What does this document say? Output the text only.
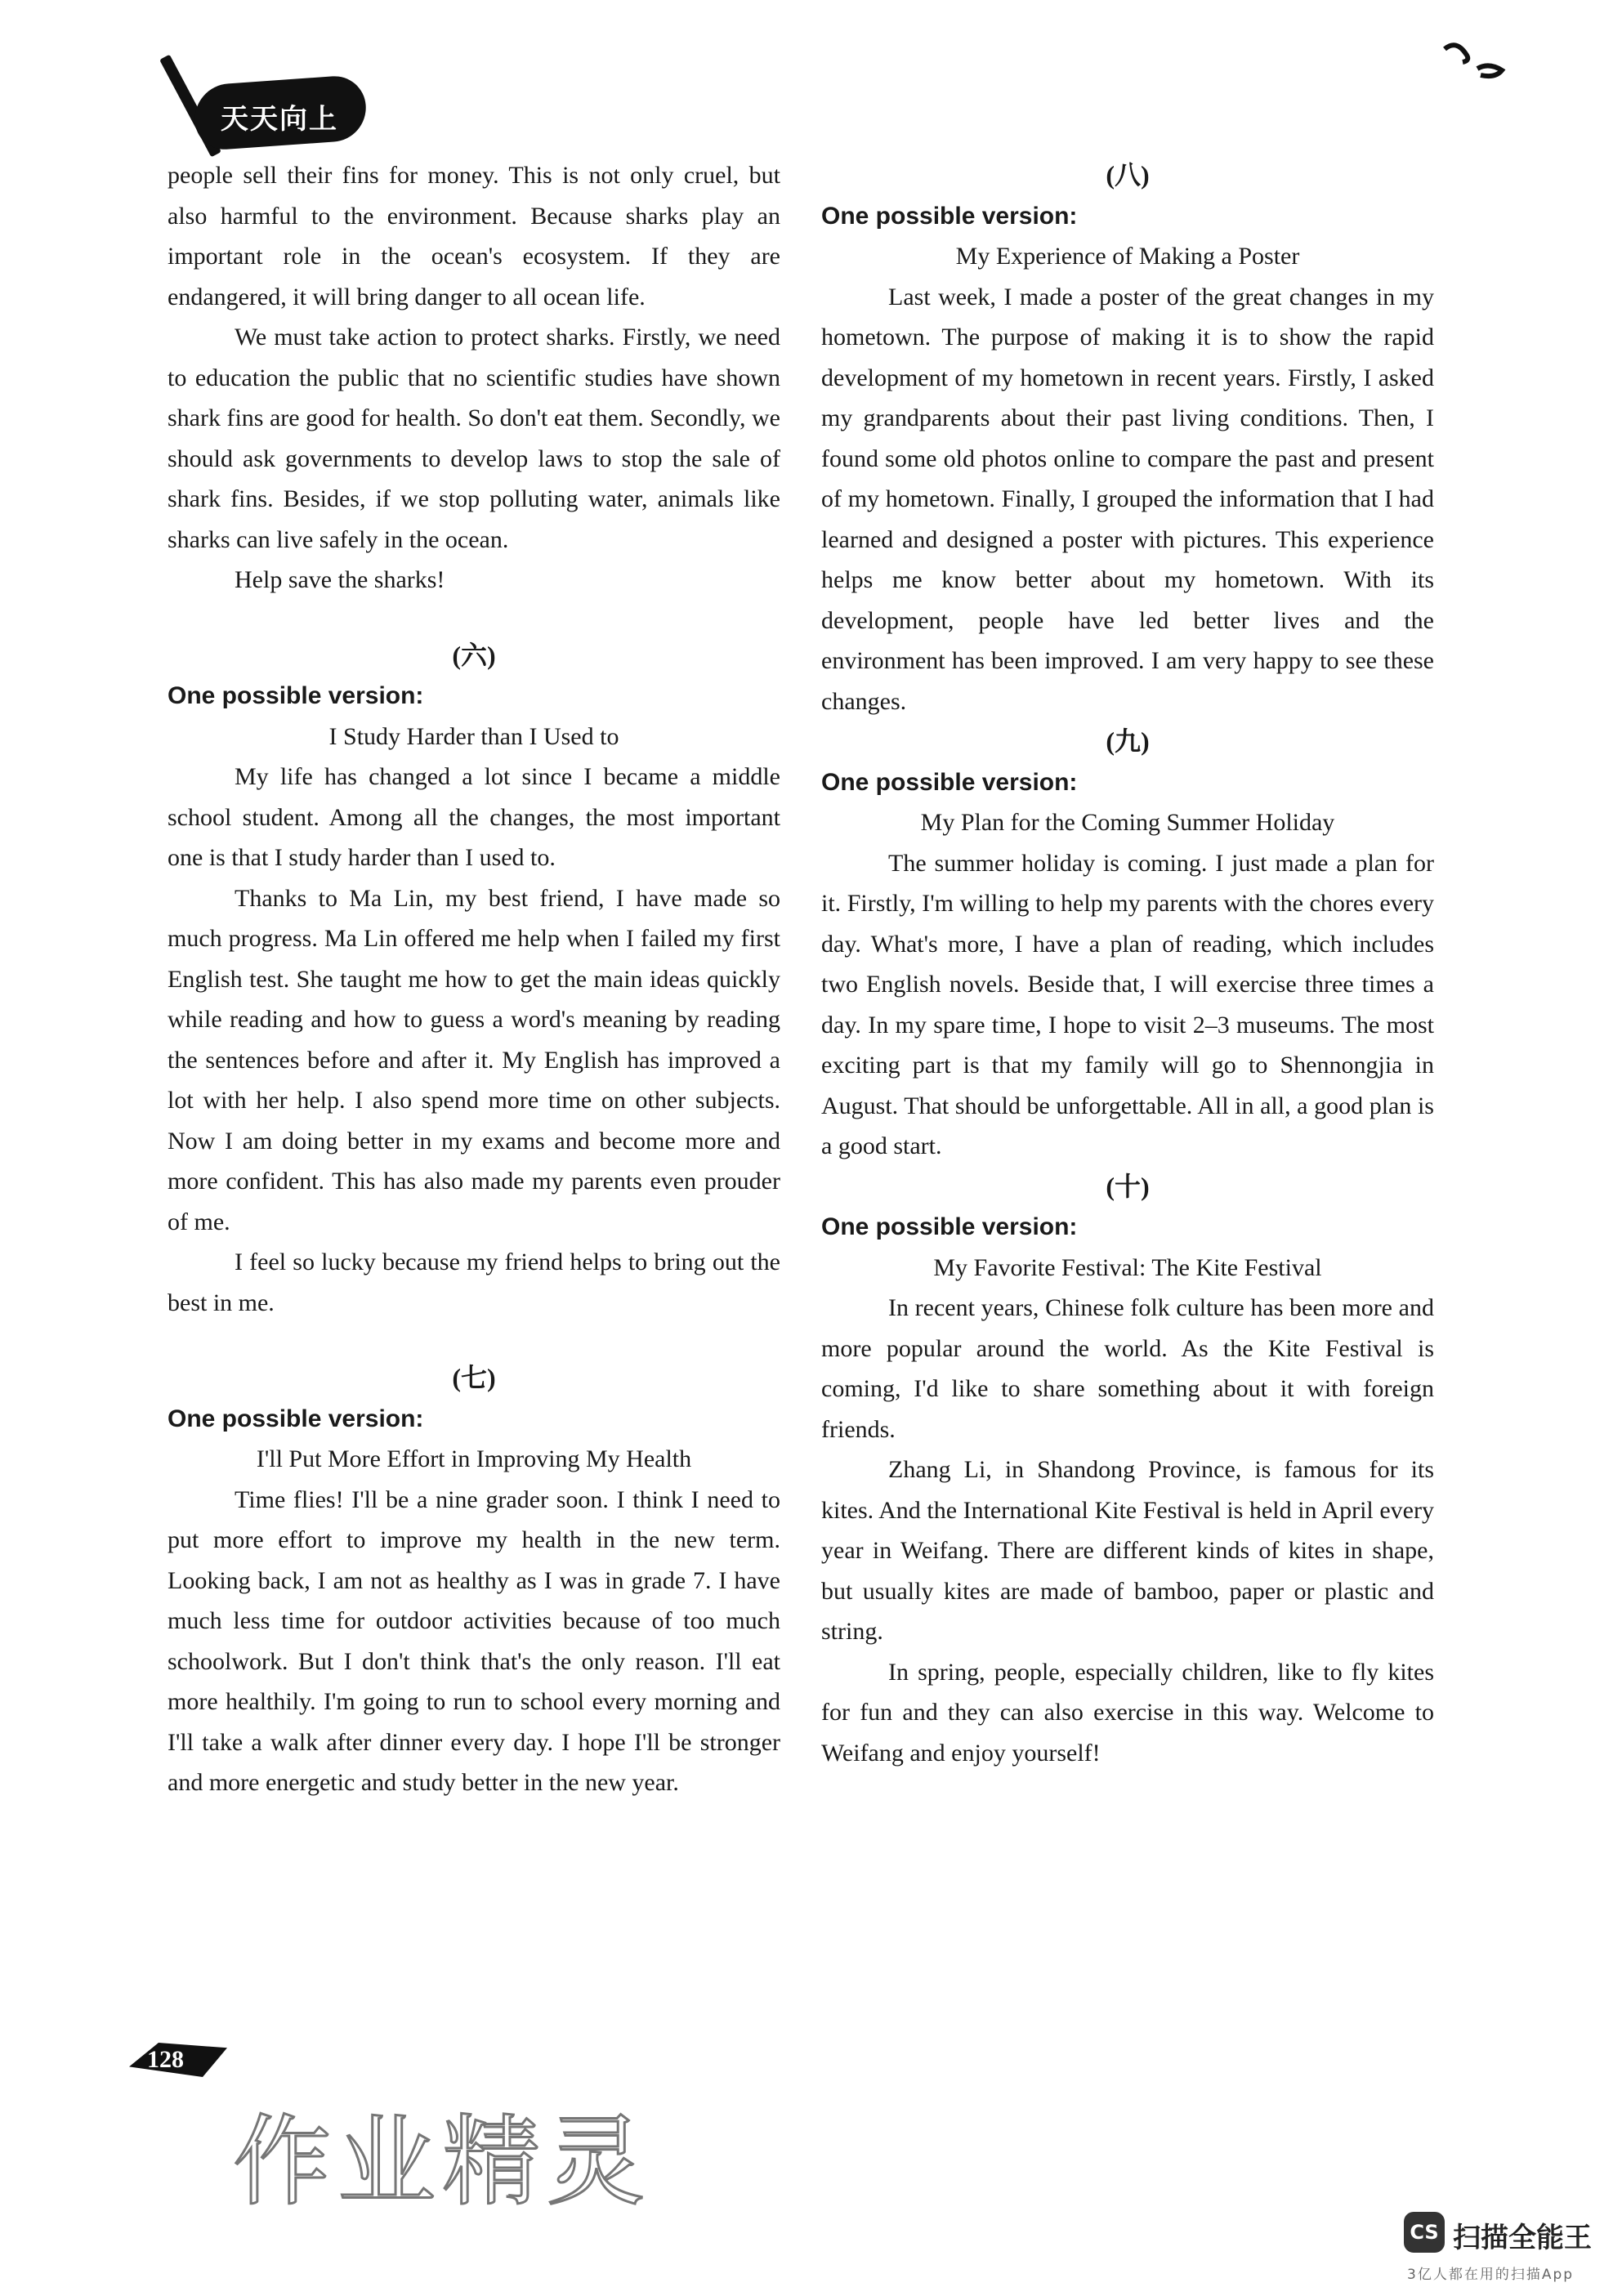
天天向上

people sell their fins for money. This is not only cruel, but also harmful to the environment. Because sharks play an important role in the ocean's ecosystem. If they are endangered, it will bring danger to all ocean life.

We must take action to protect sharks. Firstly, we need to education the public that no scientific studies have shown shark fins are good for health. So don't eat them. Secondly, we should ask governments to develop laws to stop the sale of shark fins. Besides, if we stop polluting water, animals like sharks can live safely in the ocean.

Help save the sharks!

(六)
One possible version:
I Study Harder than I Used to

My life has changed a lot since I became a middle school student. Among all the changes, the most important one is that I study harder than I used to.

Thanks to Ma Lin, my best friend, I have made so much progress. Ma Lin offered me help when I failed my first English test. She taught me how to get the main ideas quickly while reading and how to guess a word's meaning by reading the sentences before and after it. My English has improved a lot with her help. I also spend more time on other subjects. Now I am doing better in my exams and become more and more confident. This has also made my parents even prouder of me.

I feel so lucky because my friend helps to bring out the best in me.

(七)
One possible version:
I'll Put More Effort in Improving My Health

Time flies! I'll be a nine grader soon. I think I need to put more effort to improve my health in the new term. Looking back, I am not as healthy as I was in grade 7. I have much less time for outdoor activities because of too much schoolwork. But I don't think that's the only reason. I'll eat more healthily. I'm going to run to school every morning and I'll take a walk after dinner every day. I hope I'll be stronger and more energetic and study better in the new year.

(八)
One possible version:
My Experience of Making a Poster

Last week, I made a poster of the great changes in my hometown. The purpose of making it is to show the rapid development of my hometown in recent years. Firstly, I asked my grandparents about their past living conditions. Then, I found some old photos online to compare the past and present of my hometown. Finally, I grouped the information that I had learned and designed a poster with pictures. This experience helps me know better about my hometown. With its development, people have led better lives and the environment has been improved. I am very happy to see these changes.

(九)
One possible version:
My Plan for the Coming Summer Holiday

The summer holiday is coming. I just made a plan for it. Firstly, I'm willing to help my parents with the chores every day. What's more, I have a plan of reading, which includes two English novels. Beside that, I will exercise three times a day. In my spare time, I hope to visit 2–3 museums. The most exciting part is that my family will go to Shennongjia in August. That should be unforgettable. All in all, a good plan is a good start.

(十)
One possible version:
My Favorite Festival: The Kite Festival

In recent years, Chinese folk culture has been more and more popular around the world. As the Kite Festival is coming, I'd like to share something about it with foreign friends.

Zhang Li, in Shandong Province, is famous for its kites. And the International Kite Festival is held in April every year in Weifang. There are different kinds of kites in shape, but usually kites are made of bamboo, paper or plastic and string.

In spring, people, especially children, like to fly kites for fun and they can also exercise in this way. Welcome to Weifang and enjoy yourself!

128
作业精灵
CS 扫描全能王
3亿人都在用的扫描App
